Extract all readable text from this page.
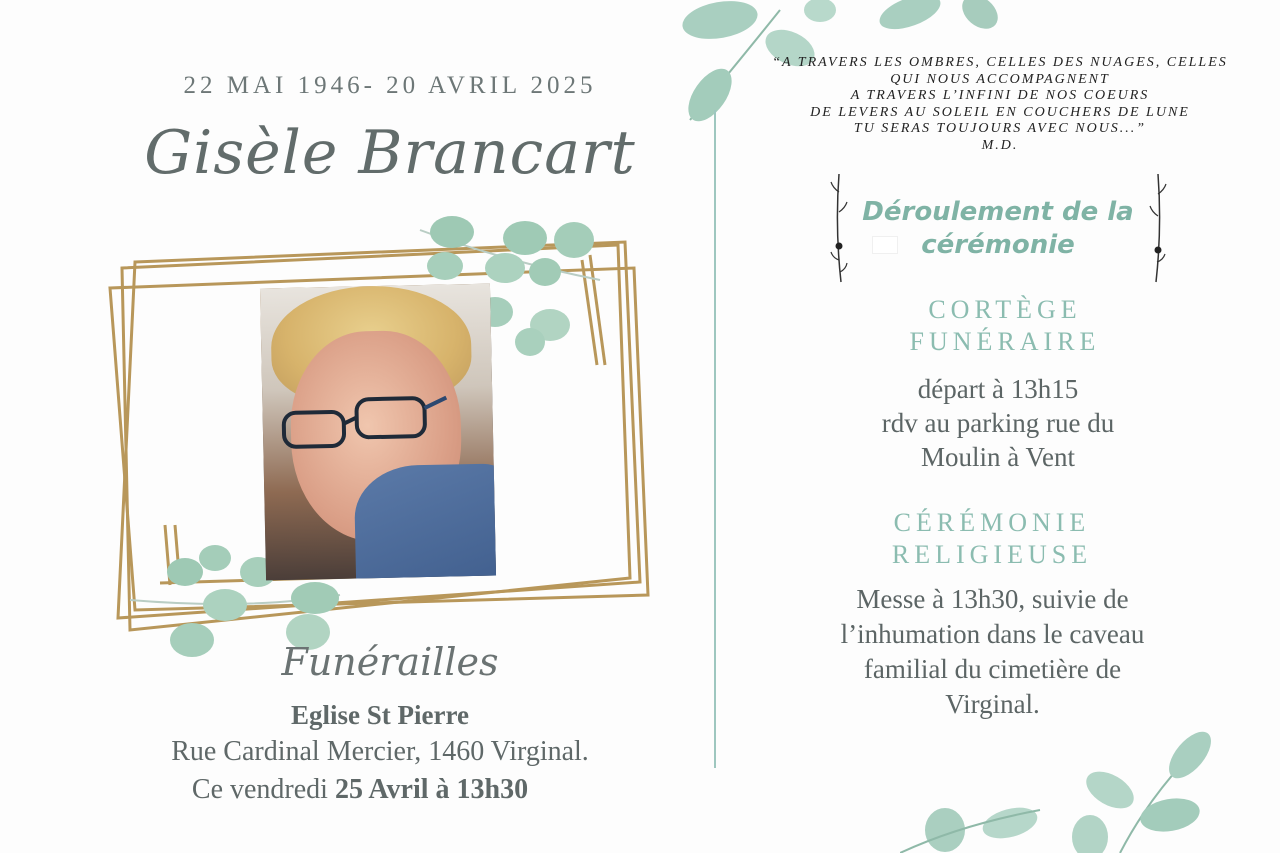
22 MAI 1946- 20 AVRIL 2025
Gisèle Brancart
Funérailles
Eglise St Pierre
Rue Cardinal Mercier, 1460 Virginal.
Ce vendredi 25 Avril à 13h30
“A TRAVERS LES OMBRES, CELLES DES NUAGES, CELLES
QUI NOUS ACCOMPAGNENT
A TRAVERS L’INFINI DE NOS COEURS
DE LEVERS AU SOLEIL EN COUCHERS DE LUNE
TU SERAS TOUJOURS AVEC NOUS...”
M.D.
Déroulement de la
cérémonie
CORTÈGE
FUNÉRAIRE
départ à 13h15
rdv au parking rue du
Moulin à Vent
CÉRÉMONIE
RELIGIEUSE
Messe à 13h30, suivie de
l’inhumation dans le caveau
familial du cimetière de
Virginal.
